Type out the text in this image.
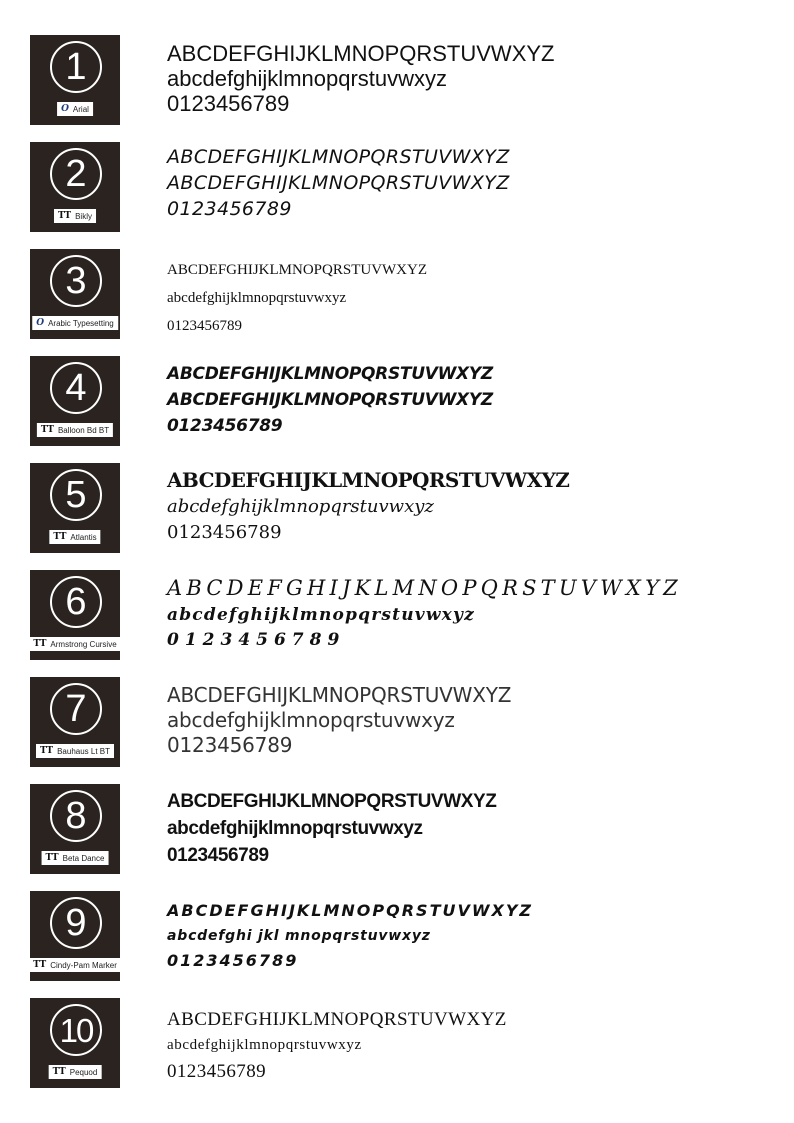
1
O Arial
ABCDEFGHIJKLMNOPQRSTUVWXYZ
abcdefghijklmnopqrstuvwxyz
0123456789
2
TT Bikly
ABCDEFGHIJKLMNOPQRSTUVWXYZ
ABCDEFGHIJKLMNOPQRSTUVWXYZ
0123456789
3
O Arabic Typesetting
ABCDEFGHIJKLMNOPQRSTUVWXYZ
abcdefghijklmnopqrstuvwxyz
0123456789
4
TT Balloon Bd BT
ABCDEFGHIJKLMNOPQRSTUVWXYZ
ABCDEFGHIJKLMNOPQRSTUVWXYZ
0123456789
5
TT Atlantis
ABCDEFGHIJKLMNOPQRSTUVWXYZ
abcdefghijklmnopqrstuvwxyz
0123456789
6
TT Armstrong Cursive
ABCDEFGHIJKLMNOPQRSTUVWXYZ
abcdefghijklmnopqrstuvwxyz
0123456789
7
TT Bauhaus Lt BT
ABCDEFGHIJKLMNOPQRSTUVWXYZ
abcdefghijklmnopqrstuvwxyz
0123456789
8
TT Beta Dance
ABCDEFGHIJKLMNOPQRSTUVWXYZ
abcdefghijklmnopqrstuvwxyz
0123456789
9
TT Cindy-Pam Marker
ABCDEFGHIJKLMNOPQRSTUVWXYZ
abcdefghi jkl mnopqrstuvwxyz
0123456789
10
TT Pequod
ABCDEFGHIJKLMNOPQRSTUVWXYZ
abcdefghijklmnopqrstuvwxyz
0123456789
